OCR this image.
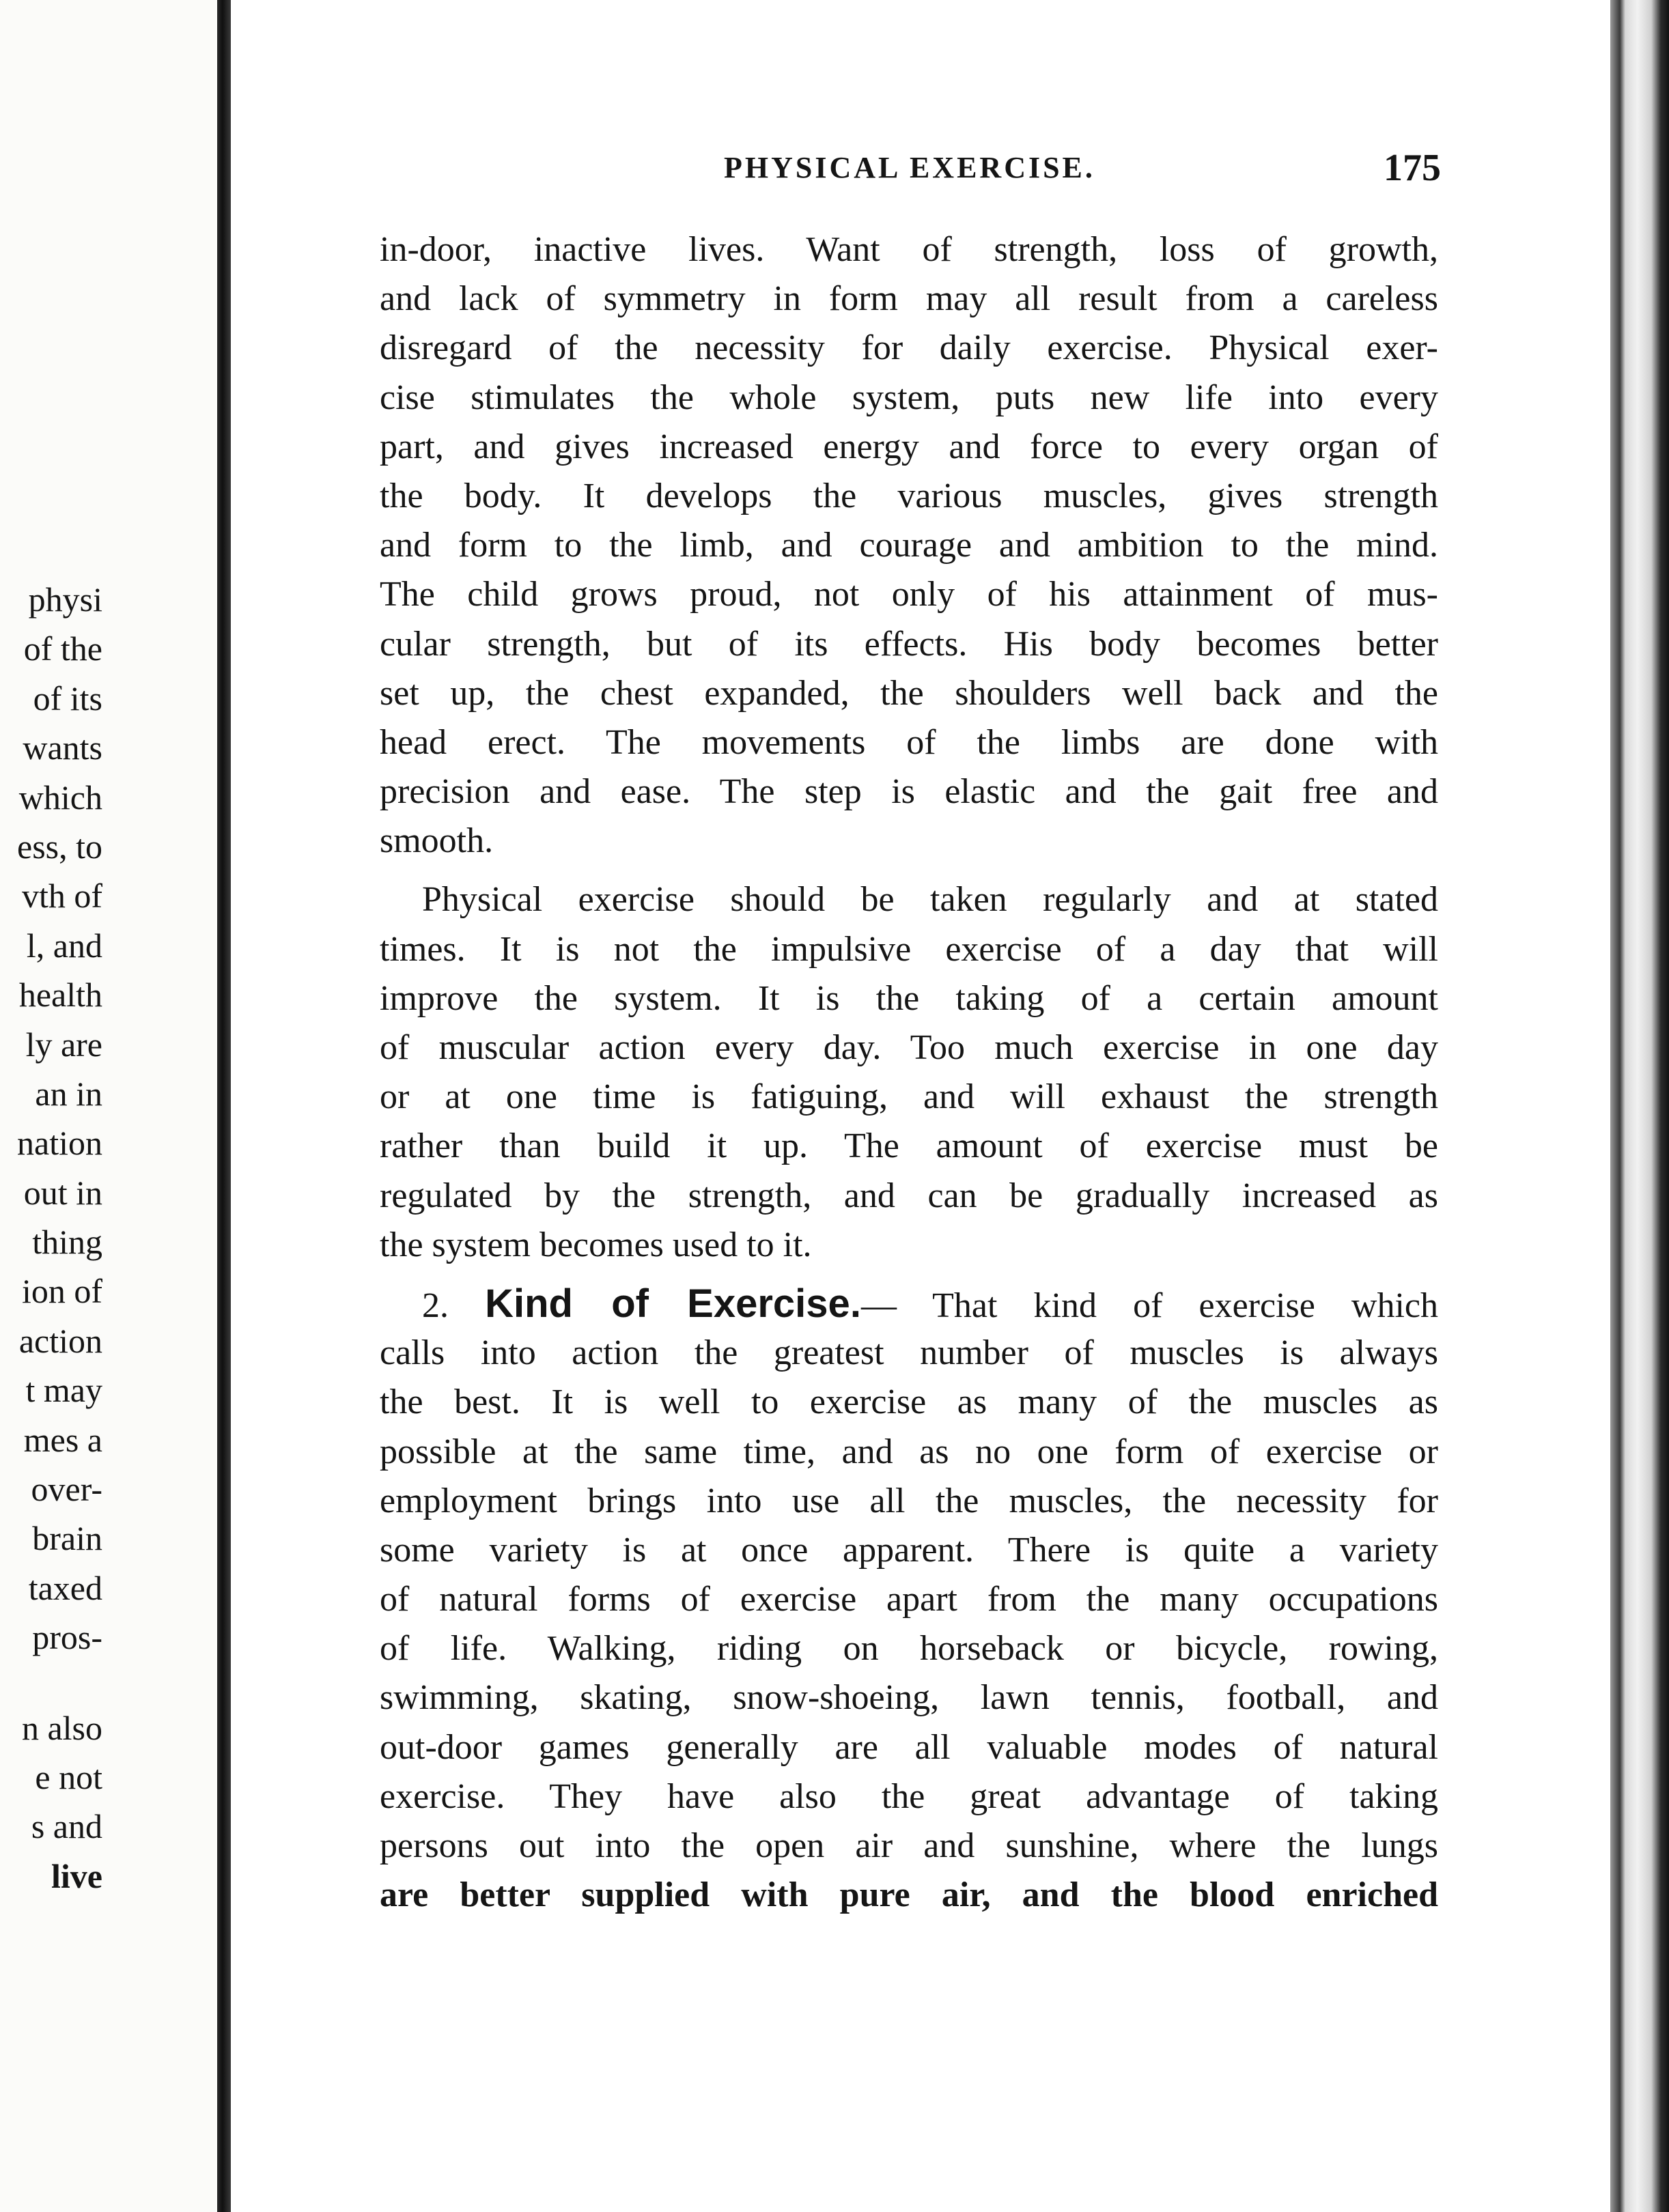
physi
of the
of its
wants
which
ess, to
vth of
l, and
health
ly are
an in
nation
out in
thing
ion of
action
t may
mes a
over-
brain
taxed
pros-
n also
e not
s and
live
PHYSICAL EXERCISE.	175
in-door, inactive lives. Want of strength, loss of growth,
and lack of symmetry in form may all result from a careless
disregard of the necessity for daily exercise. Physical exer-
cise stimulates the whole system, puts new life into every
part, and gives increased energy and force to every organ of
the body. It develops the various muscles, gives strength
and form to the limb, and courage and ambition to the mind.
The child grows proud, not only of his attainment of mus-
cular strength, but of its effects. His body becomes better
set up, the chest expanded, the shoulders well back and the
head erect. The movements of the limbs are done with
precision and ease. The step is elastic and the gait free and
smooth.
Physical exercise should be taken regularly and at stated
times. It is not the impulsive exercise of a day that will
improve the system. It is the taking of a certain amount
of muscular action every day. Too much exercise in one day
or at one time is fatiguing, and will exhaust the strength
rather than build it up. The amount of exercise must be
regulated by the strength, and can be gradually increased as
the system becomes used to it.
2. Kind of Exercise.— That kind of exercise which
calls into action the greatest number of muscles is always
the best. It is well to exercise as many of the muscles as
possible at the same time, and as no one form of exercise or
employment brings into use all the muscles, the necessity for
some variety is at once apparent. There is quite a variety
of natural forms of exercise apart from the many occupations
of life. Walking, riding on horseback or bicycle, rowing,
swimming, skating, snow-shoeing, lawn tennis, football, and
out-door games generally are all valuable modes of natural
exercise. They have also the great advantage of taking
persons out into the open air and sunshine, where the lungs
are better supplied with pure air, and the blood enriched
